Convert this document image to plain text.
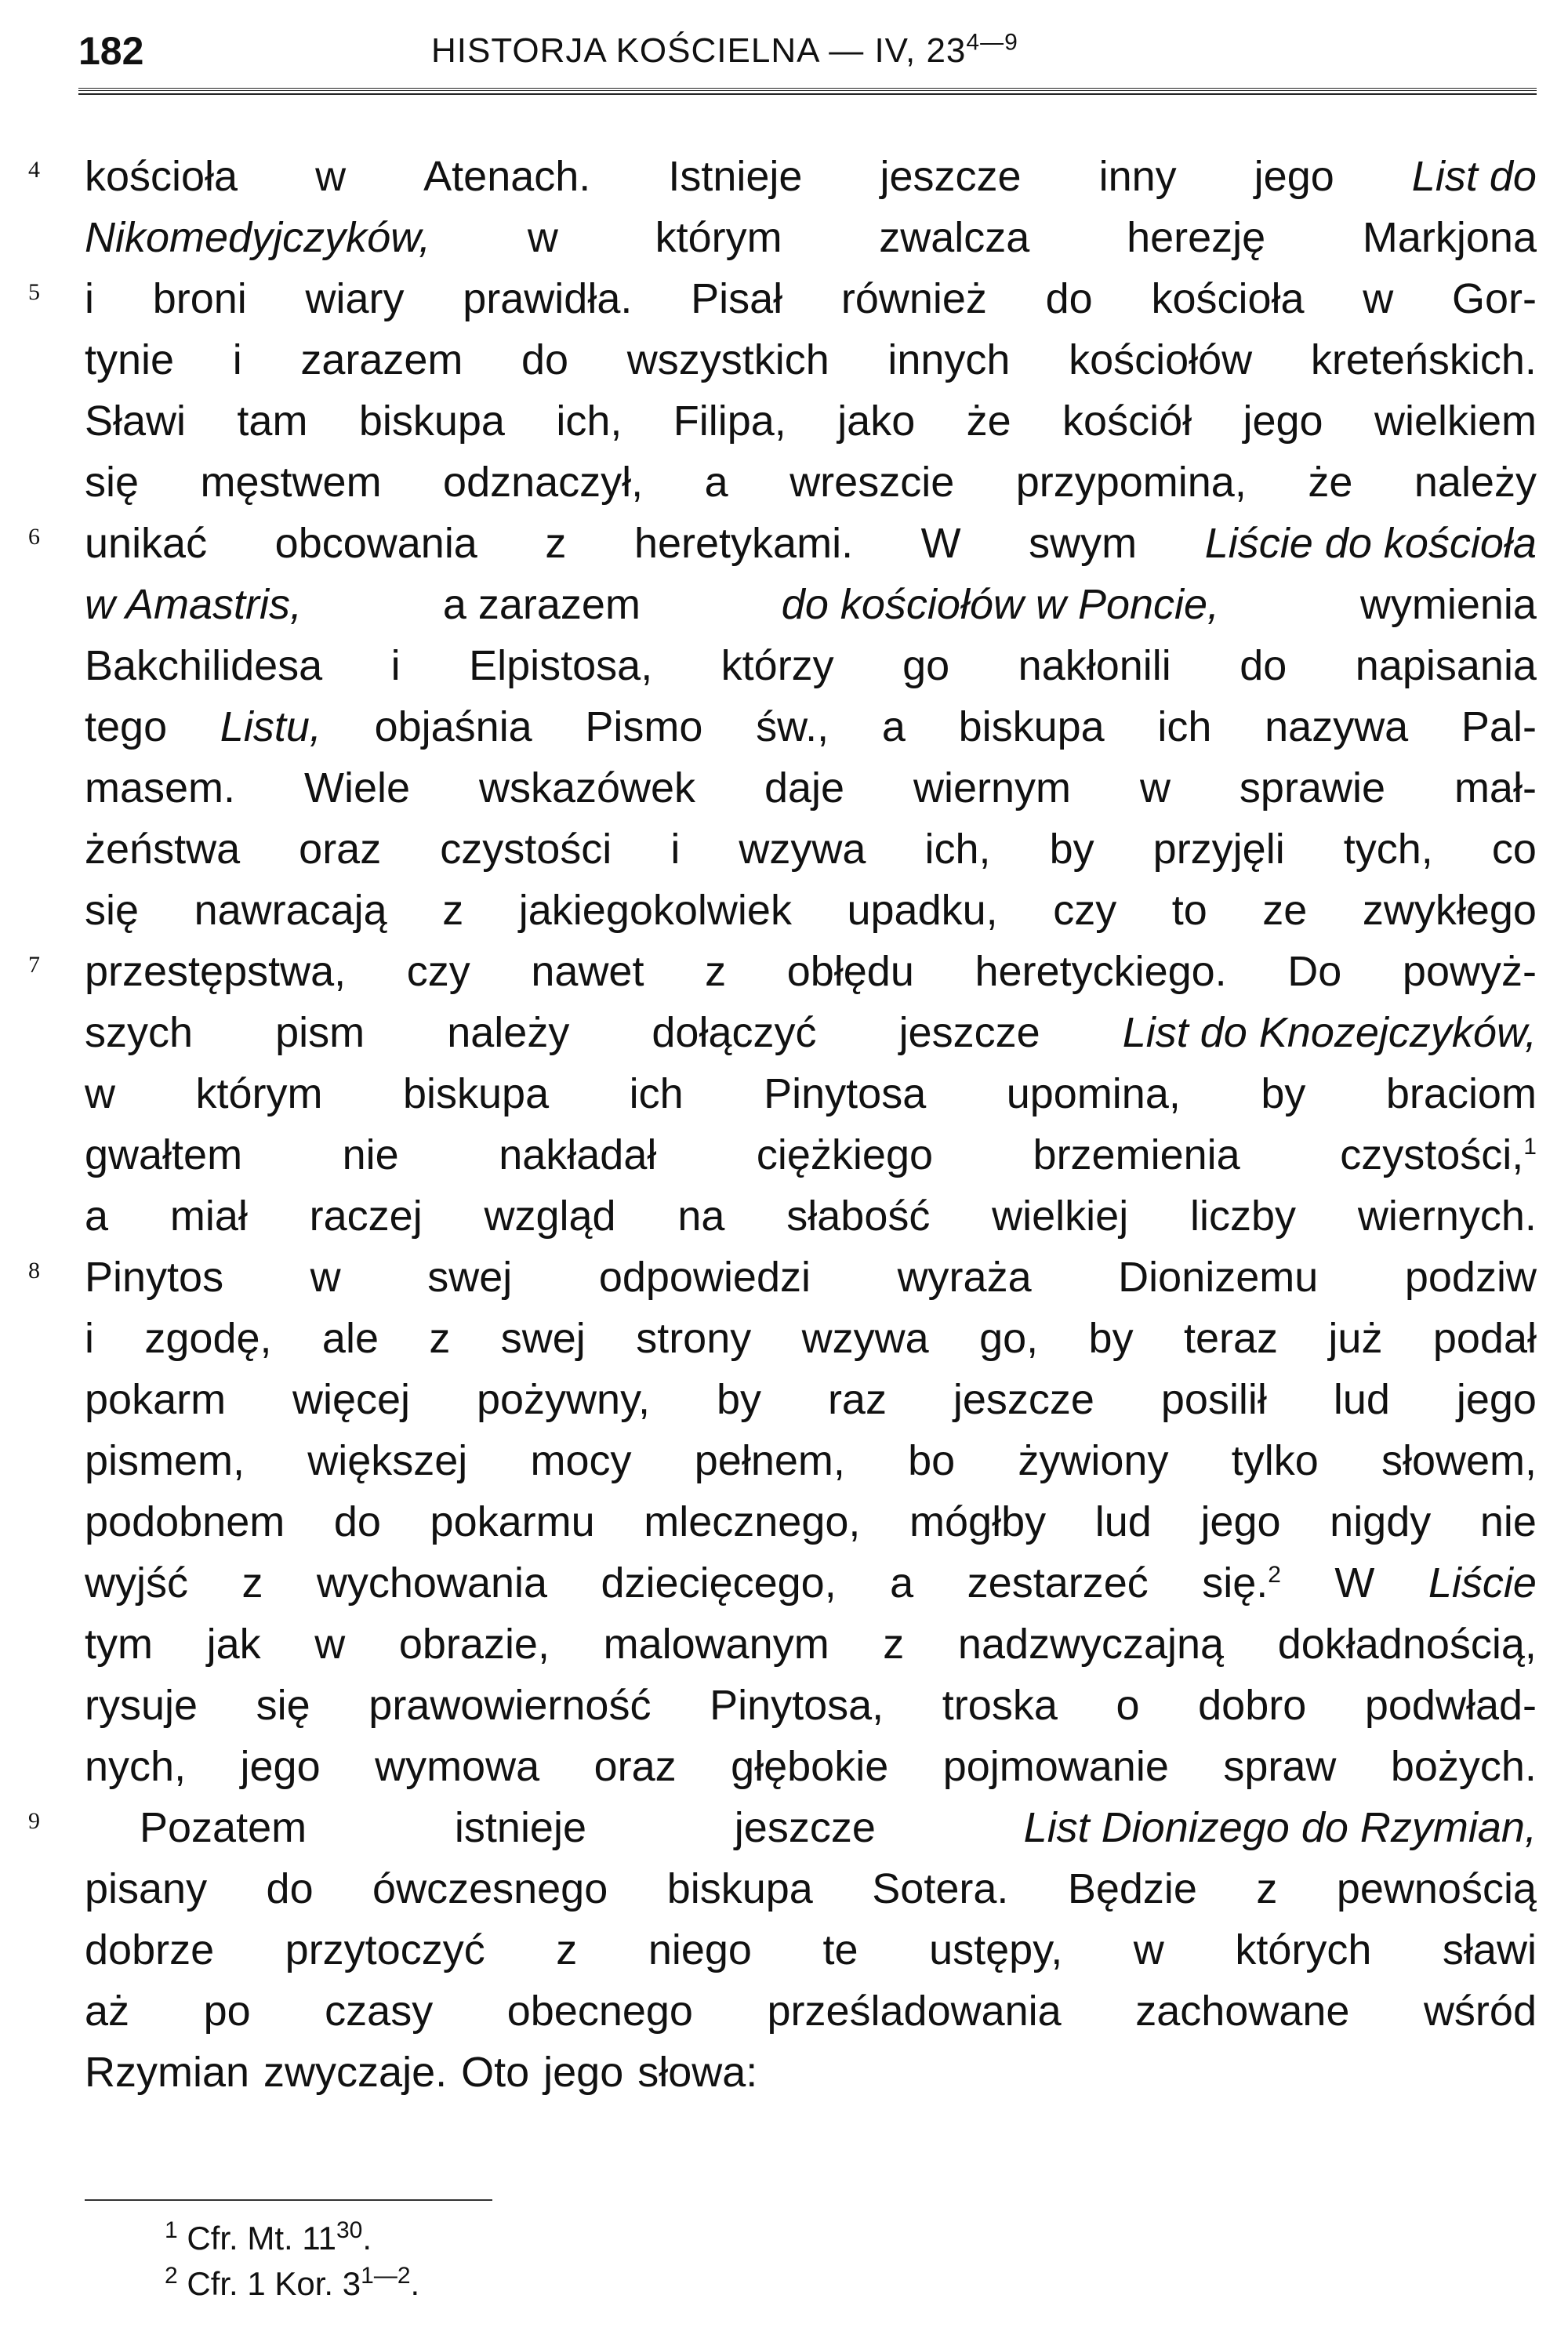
182	HISTORJA KOŚCIELNA — IV, $23^{4—9}$
4 kościoła w Atenach. Istnieje jeszcze inny jego List do
Nikomedyjczyków, w którym zwalcza herezję Markjona
5 i broni wiary prawidła. Pisał również do kościoła w Gor-
tynie i zarazem do wszystkich innych kościołów kreteńskich.
Sławi tam biskupa ich, Filipa, jako że kościół jego wielkiem
się męstwem odznaczył, a wreszcie przypomina, że należy
6 unikać obcowania z heretykami. W swym Liście do kościoła
w Amastris,	a zarazem	do kościołów w Poncie,	wymienia
Bakchilidesa i Elpistosa, którzy go nakłonili do napisania
tego Listu, objaśnia Pismo św., a biskupa ich nazywa Pal-
masem. Wiele wskazówek daje wiernym w sprawie mał-
żeństwa oraz czystości i wzywa ich, by przyjęli tych, co
się nawracają z jakiegokolwiek upadku, czy to ze zwykłego
7 przestępstwa, czy nawet z obłędu heretyckiego. Do powyż-
szych pism należy dołączyć jeszcze List do Knozejczyków,
w którym biskupa ich Pinytosa upomina, by braciom
gwałtem nie nakładał ciężkiego brzemienia czystości,$^1$
a miał raczej wzgląd na słabość wielkiej liczby wiernych.
8 Pinytos w swej odpowiedzi wyraża Dionizemu podziw
i zgodę, ale z swej strony wzywa go, by teraz już podał
pokarm więcej pożywny, by raz jeszcze posilił lud jego
pismem, większej mocy pełnem, bo żywiony tylko słowem,
podobnem do pokarmu mlecznego, mógłby lud jego nigdy nie
wyjść z wychowania dziecięcego, a zestarzeć się.$^2$ W Liście
tym jak w obrazie, malowanym z nadzwyczajną dokładnością,
rysuje się prawowierność Pinytosa, troska o dobro podwład-
nych, jego wymowa oraz głębokie pojmowanie spraw bożych.
9 Pozatem	istnieje	jeszcze	List Dionizego do Rzymian,
pisany do ówczesnego biskupa Sotera. Będzie z pewnością
dobrze przytoczyć z niego te ustępy, w których sławi
aż po czasy obecnego prześladowania zachowane wśród
Rzymian zwyczaje. Oto jego słowa:
$^1$ Cfr. Mt. $11^{30}$.
$^2$ Cfr. 1 Kor. $3^{1—2}$.
